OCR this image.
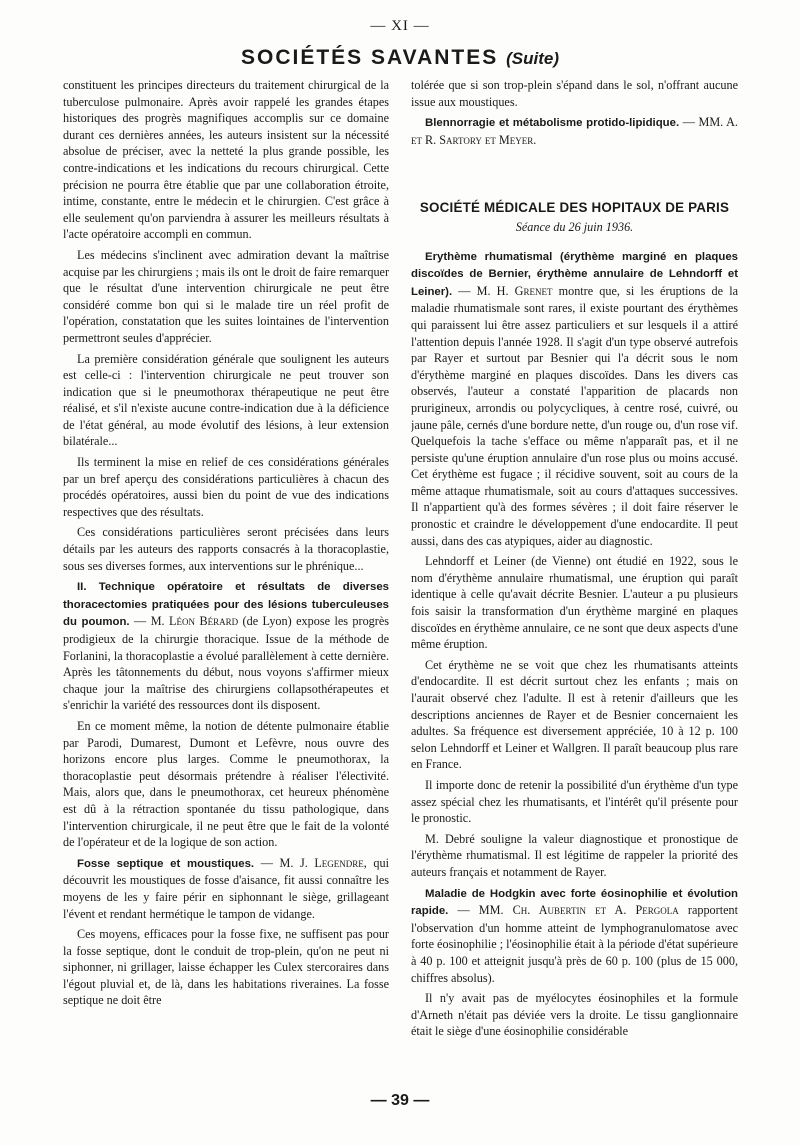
— XI —
SOCIÉTÉS SAVANTES (Suite)

constituent les principes directeurs du traitement chirurgical de la tuberculose pulmonaire. Après avoir rappelé les grandes étapes historiques des progrès magnifiques accomplis sur ce domaine durant ces dernières années, les auteurs insistent sur la nécessité absolue de préciser, avec la netteté la plus grande possible, les contre-indications et les indications du recours chirurgical. Cette précision ne pourra être établie que par une collaboration étroite, intime, constante, entre le médecin et le chirurgien. C'est grâce à elle seulement qu'on parviendra à assurer les meilleurs résultats à l'acte opératoire accompli en commun.

Les médecins s'inclinent avec admiration devant la maîtrise acquise par les chirurgiens ; mais ils ont le droit de faire remarquer que le résultat d'une intervention chirurgicale ne peut être considéré comme bon qui si le malade tire un réel profit de l'opération, constatation que les suites lointaines de l'intervention permettront seules d'apprécier.

La première considération générale que soulignent les auteurs est celle-ci : l'intervention chirurgicale ne peut trouver son indication que si le pneumothorax thérapeutique ne peut être réalisé, et s'il n'existe aucune contre-indication due à la déficience de l'état général, au mode évolutif des lésions, à leur extension bilatérale...

Ils terminent la mise en relief de ces considérations générales par un bref aperçu des considérations particulières à chacun des procédés opératoires, aussi bien du point de vue des indications respectives que des résultats.

Ces considérations particulières seront précisées dans leurs détails par les auteurs des rapports consacrés à la thoracoplastie, sous ses diverses formes, aux interventions sur le phrénique...

II. Technique opératoire et résultats de diverses thoracectomies pratiquées pour des lésions tuberculeuses du poumon. — M. Léon Bérard (de Lyon) expose les progrès prodigieux de la chirurgie thoracique. Issue de la méthode de Forlanini, la thoracoplastie a évolué parallèlement à cette dernière. Après les tâtonnements du début, nous voyons s'affirmer mieux chaque jour la maîtrise des chirurgiens collapsothérapeutes et s'enrichir la variété des ressources dont ils disposent.

En ce moment même, la notion de détente pulmonaire établie par Parodi, Dumarest, Dumont et Lefèvre, nous ouvre des horizons encore plus larges. Comme le pneumothorax, la thoracoplastie peut désormais prétendre à réaliser l'électivité. Mais, alors que, dans le pneumothorax, cet heureux phénomène est dû à la rétraction spontanée du tissu pathologique, dans l'intervention chirurgicale, il ne peut être que le fait de la volonté de l'opérateur et de la logique de son action.

Fosse septique et moustiques. — M. J. Legendre, qui découvrit les moustiques de fosse d'aisance, fit aussi connaître les moyens de les y faire périr en siphonnant le siège, grillageant l'évent et rendant hermétique le tampon de vidange.

Ces moyens, efficaces pour la fosse fixe, ne suffisent pas pour la fosse septique, dont le conduit de trop-plein, qu'on ne peut ni siphonner, ni grillager, laisse échapper les Culex stercoraires dans l'égout pluvial et, de là, dans les habitations riveraines. La fosse septique ne doit être

tolérée que si son trop-plein s'épand dans le sol, n'offrant aucune issue aux moustiques.

Blennorragie et métabolisme protido-lipidique. — MM. A. et R. Sartory et Meyer.

SOCIÉTÉ MÉDICALE DES HOPITAUX DE PARIS
Séance du 26 juin 1936.

Erythème rhumatismal (érythème marginé en plaques discoïdes de Bernier, érythème annulaire de Lehndorff et Leiner). — M. H. Grenet montre que, si les éruptions de la maladie rhumatismale sont rares, il existe pourtant des érythèmes qui paraissent lui être assez particuliers et sur lesquels il a attiré l'attention depuis l'année 1928. Il s'agit d'un type observé autrefois par Rayer et surtout par Besnier qui l'a décrit sous le nom d'érythème marginé en plaques discoïdes. Dans les divers cas observés, l'auteur a constaté l'apparition de placards non prurigineux, arrondis ou polycycliques, à centre rosé, cuivré, ou jaune pâle, cernés d'une bordure nette, d'un rouge ou, d'un rose vif. Quelquefois la tache s'efface ou même n'apparaît pas, et il ne persiste qu'une éruption annulaire d'un rose plus ou moins accusé. Cet érythème est fugace ; il récidive souvent, soit au cours de la même attaque rhumatismale, soit au cours d'attaques successives. Il n'appartient qu'à des formes sévères ; il doit faire réserver le pronostic et craindre le développement d'une endocardite. Il peut aussi, dans des cas atypiques, aider au diagnostic.

Lehndorff et Leiner (de Vienne) ont étudié en 1922, sous le nom d'érythème annulaire rhumatismal, une éruption qui paraît identique à celle qu'avait décrite Besnier. L'auteur a pu plusieurs fois saisir la transformation d'un érythème marginé en plaques discoïdes en érythème annulaire, ce ne sont que deux aspects d'une même éruption.

Cet érythème ne se voit que chez les rhumatisants atteints d'endocardite. Il est décrit surtout chez les enfants ; mais on l'aurait observé chez l'adulte. Il est à retenir d'ailleurs que les descriptions anciennes de Rayer et de Besnier concernaient les adultes. Sa fréquence est diversement appréciée, 10 à 12 p. 100 selon Lehndorff et Leiner et Wallgren. Il paraît beaucoup plus rare en France.

Il importe donc de retenir la possibilité d'un érythème d'un type assez spécial chez les rhumatisants, et l'intérêt qu'il présente pour le pronostic.

M. Debré souligne la valeur diagnostique et pronostique de l'érythème rhumatismal. Il est légitime de rappeler la priorité des auteurs français et notamment de Rayer.

Maladie de Hodgkin avec forte éosinophilie et évolution rapide. — MM. Ch. Aubertin et A. Pergola rapportent l'observation d'un homme atteint de lymphogranulomatose avec forte éosinophilie ; l'éosinophilie était à la période d'état supérieure à 40 p. 100 et atteignit jusqu'à près de 60 p. 100 (plus de 15 000, chiffres absolus).

Il n'y avait pas de myélocytes éosinophiles et la formule d'Arneth n'était pas déviée vers la droite. Le tissu ganglionnaire était le siège d'une éosinophilie considérable

— 39 —
